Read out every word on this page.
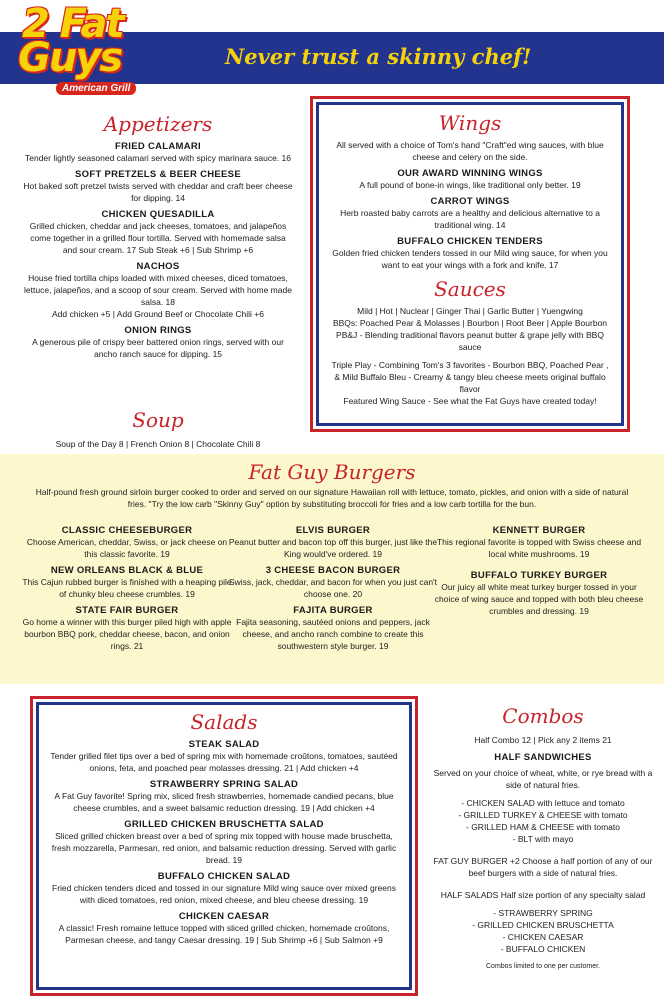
2 Fat
Guys
American Grill
Never trust a skinny chef!
Appetizers
FRIED CALAMARI
Tender lightly seasoned calamari served with spicy marinara sauce. 16
SOFT PRETZELS & BEER CHEESE
Hot baked soft pretzel twists served with cheddar and craft beer cheese for dipping. 14
CHICKEN QUESADILLA
Grilled chicken, cheddar and jack cheeses, tomatoes, and jalapeños come together in a grilled flour tortilla. Served with homemade salsa and sour cream. 17 Sub Steak +6 | Sub Shrimp +6
NACHOS
House fried tortilla chips loaded with mixed cheeses, diced tomatoes, lettuce, jalapeños, and a scoop of sour cream. Served with home made salsa. 18
Add chicken +5 | Add Ground Beef or Chocolate Chili +6
ONION RINGS
A generous pile of crispy beer battered onion rings, served with our ancho ranch sauce for dipping. 15
Soup
Soup of the Day 8 | French Onion 8 | Chocolate Chili 8
Wings
All served with a choice of Tom's hand "Craft"ed wing sauces, with blue cheese and celery on the side.
OUR AWARD WINNING WINGS
A full pound of bone-in wings, like traditional only better. 19
CARROT WINGS
Herb roasted baby carrots are a healthy and delicious alternative to a traditional wing. 14
BUFFALO CHICKEN TENDERS
Golden fried chicken tenders tossed in our Mild wing sauce, for when you want to eat your wings with a fork and knife. 17
Sauces
Mild | Hot | Nuclear | Ginger Thai | Garlic Butter | Yuengwing
BBQs: Poached Pear & Molasses | Bourbon | Root Beer | Apple Bourbon
PB&J - Blending traditional flavors peanut butter & grape jelly with BBQ sauce
Triple Play - Combining Tom's 3 favorites - Bourbon BBQ, Poached Pear , & Mild Buffalo Bleu - Creamy & tangy bleu cheese meets original buffalo flavor
Featured Wing Sauce - See what the Fat Guys have created today!
Fat Guy Burgers
Half-pound fresh ground sirloin burger cooked to order and served on our signature Hawaiian roll with lettuce, tomato, pickles, and onion with a side of natural fries. "Try the low carb "Skinny Guy" option by substituting broccoli for fries and a low carb tortilla for the bun.
CLASSIC CHEESEBURGER
Choose American, cheddar, Swiss, or jack cheese on this classic favorite. 19
NEW ORLEANS BLACK & BLUE
This Cajun rubbed burger is finished with a heaping pile of chunky bleu cheese crumbles. 19
STATE FAIR BURGER
Go home a winner with this burger piled high with apple bourbon BBQ pork, cheddar cheese, bacon, and onion rings. 21
ELVIS BURGER
Peanut butter and bacon top off this burger, just like the King would've ordered. 19
3 CHEESE BACON BURGER
Swiss, jack, cheddar, and bacon for when you just can't choose one. 20
FAJITA BURGER
Fajita seasoning, sautéed onions and peppers, jack cheese, and ancho ranch combine to create this southwestern style burger. 19
KENNETT BURGER
This regional favorite is topped with Swiss cheese and local white mushrooms. 19
BUFFALO TURKEY BURGER
Our juicy all white meat turkey burger tossed in your choice of wing sauce and topped with both bleu cheese crumbles and dressing. 19
Salads
STEAK SALAD
Tender grilled filet tips over a bed of spring mix with homemade croûtons, tomatoes, sautéed onions, feta, and poached pear molasses dressing. 21 | Add chicken +4
STRAWBERRY SPRING SALAD
A Fat Guy favorite! Spring mix, sliced fresh strawberries, homemade candied pecans, blue cheese crumbles, and a sweet balsamic reduction dressing. 19 | Add chicken +4
GRILLED CHICKEN BRUSCHETTA SALAD
Sliced grilled chicken breast over a bed of spring mix topped with house made bruschetta, fresh mozzarella, Parmesan, red onion, and balsamic reduction dressing. Served with garlic bread. 19
BUFFALO CHICKEN SALAD
Fried chicken tenders diced and tossed in our signature Mild wing sauce over mixed greens with diced tomatoes, red onion, mixed cheese, and bleu cheese dressing. 19
CHICKEN CAESAR
A classic! Fresh romaine lettuce topped with sliced grilled chicken, homemade croûtons, Parmesan cheese, and tangy Caesar dressing. 19 | Sub Shrimp +6 | Sub Salmon +9
Combos
Half Combo 12 | Pick any 2 items 21
HALF SANDWICHES
Served on your choice of wheat, white, or rye bread with a side of natural fries.
- CHICKEN SALAD with lettuce and tomato
- GRILLED TURKEY & CHEESE with tomato
- GRILLED HAM & CHEESE with tomato
- BLT with mayo
FAT GUY BURGER +2 Choose a half portion of any of our beef burgers with a side of natural fries.
HALF SALADS Half size portion of any specialty salad
- STRAWBERRY SPRING
- GRILLED CHICKEN BRUSCHETTA
- CHICKEN CAESAR
- BUFFALO CHICKEN
Combos limited to one per customer.
